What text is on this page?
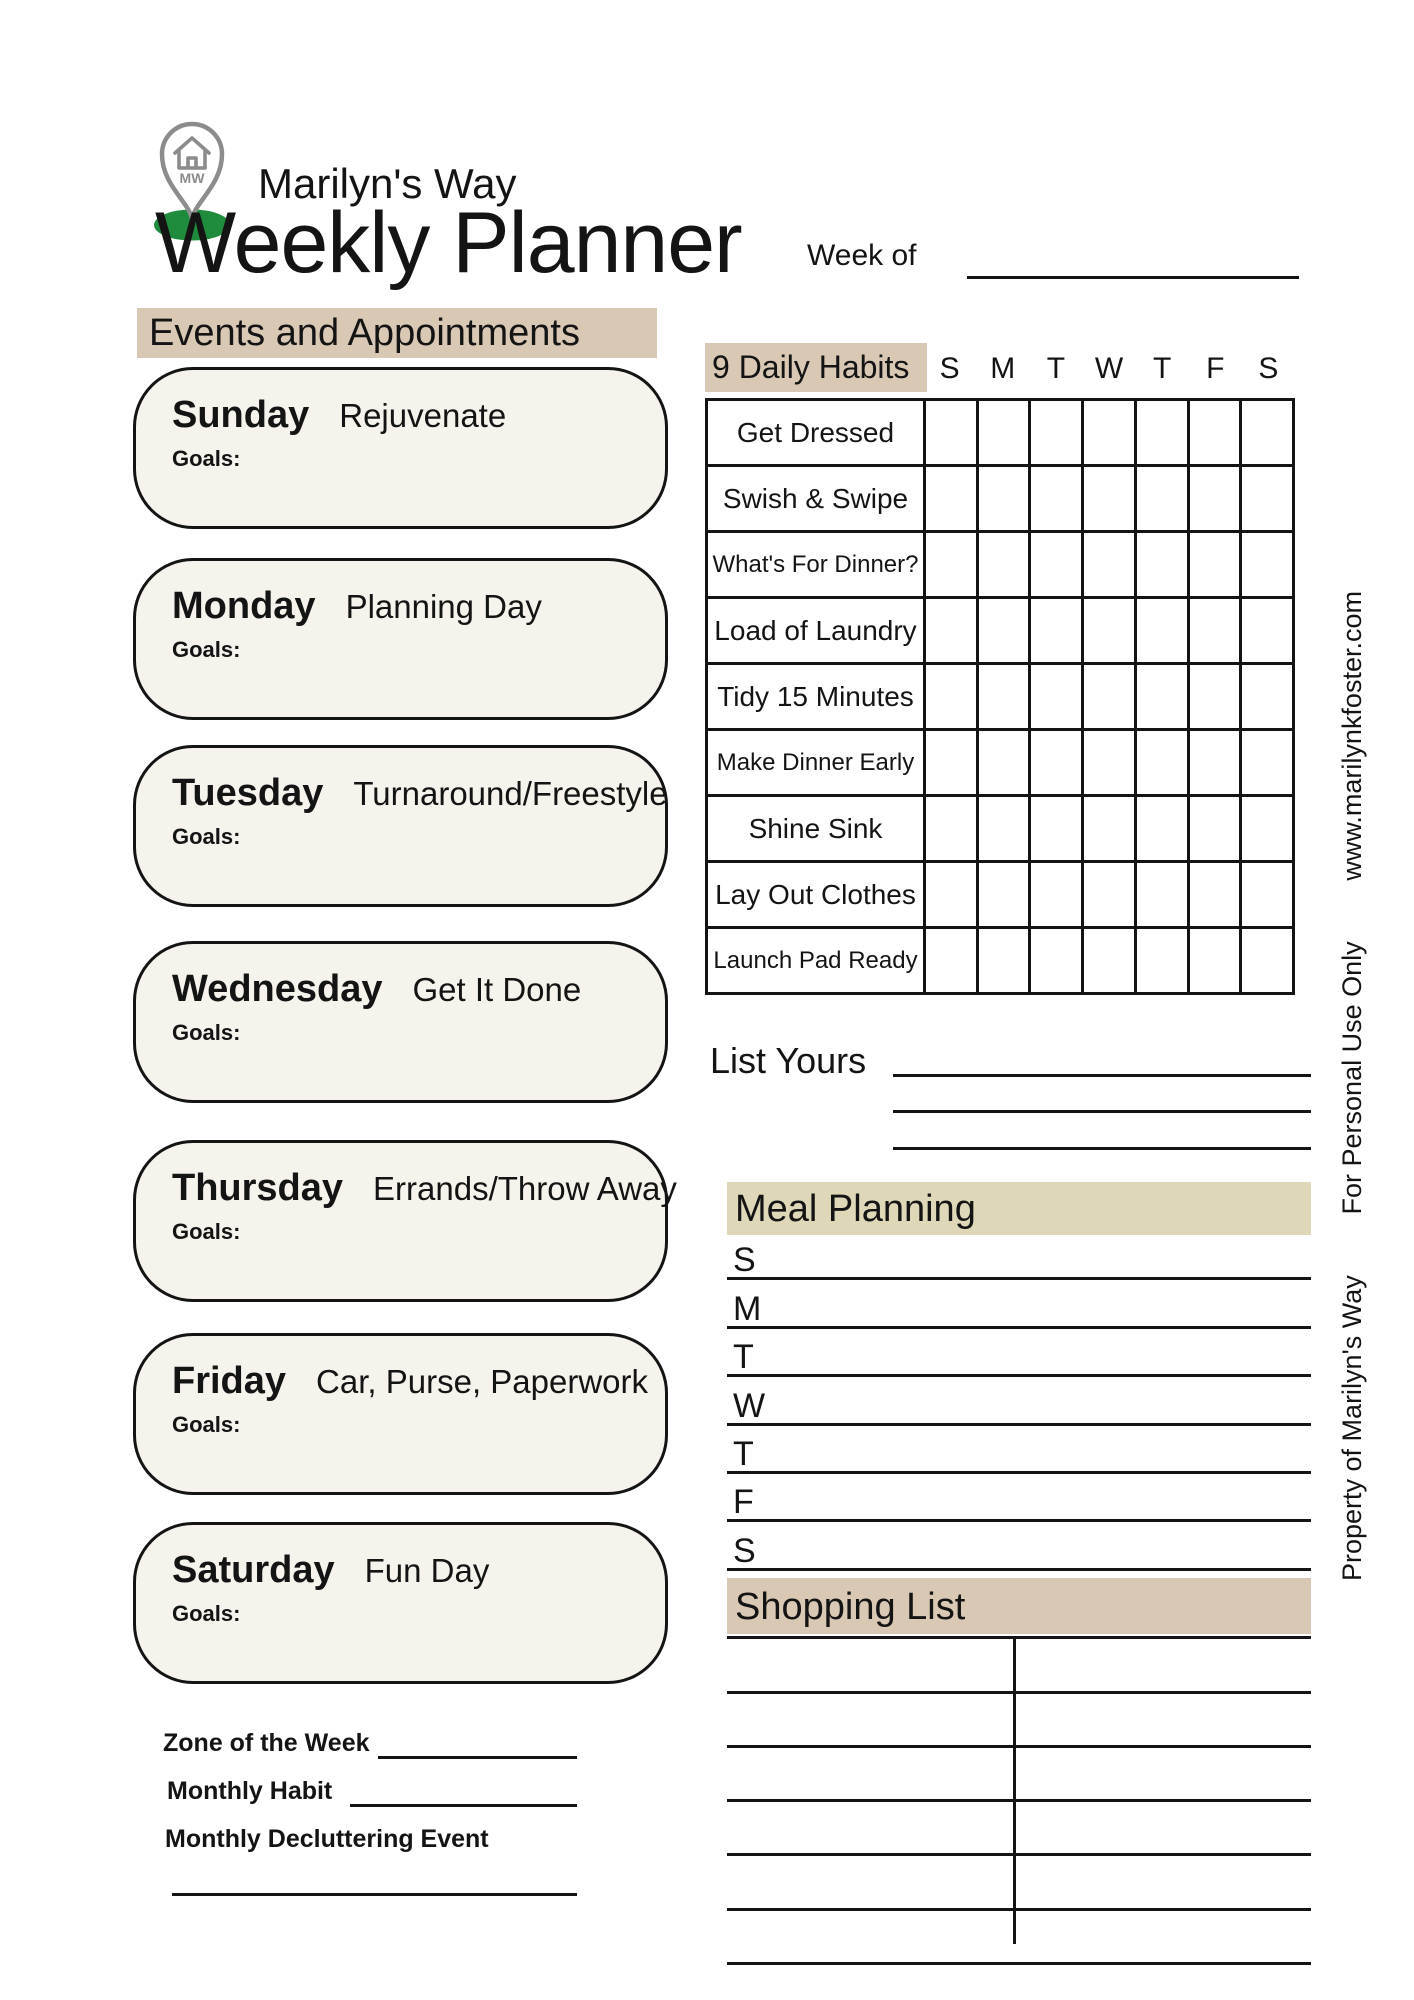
MW Marilyn's Way
Weekly Planner Week of
Events and Appointments
Sunday Rejuvenate
Goals:
Monday Planning Day
Goals:
Tuesday Turnaround/Freestyle
Goals:
Wednesday Get It Done
Goals:
Thursday Errands/Throw Away
Goals:
Friday Car, Purse, Paperwork
Goals:
Saturday Fun Day
Goals:
Zone of the Week
Monthly Habit
Monthly Decluttering Event
9 Daily Habits	S	M	T W T	F	S
Get Dressed							
Swish & Swipe							
What's For Dinner?							
Load of Laundry							
Tidy 15 Minutes							
Make Dinner Early							
Shine Sink							
Lay Out Clothes							
Launch Pad Ready							
List Yours
Meal Planning
S
M
T
W
T
F
S
Shopping List
Property of Marilyn's Way
For Personal Use Only
www.marilynkfoster.com
